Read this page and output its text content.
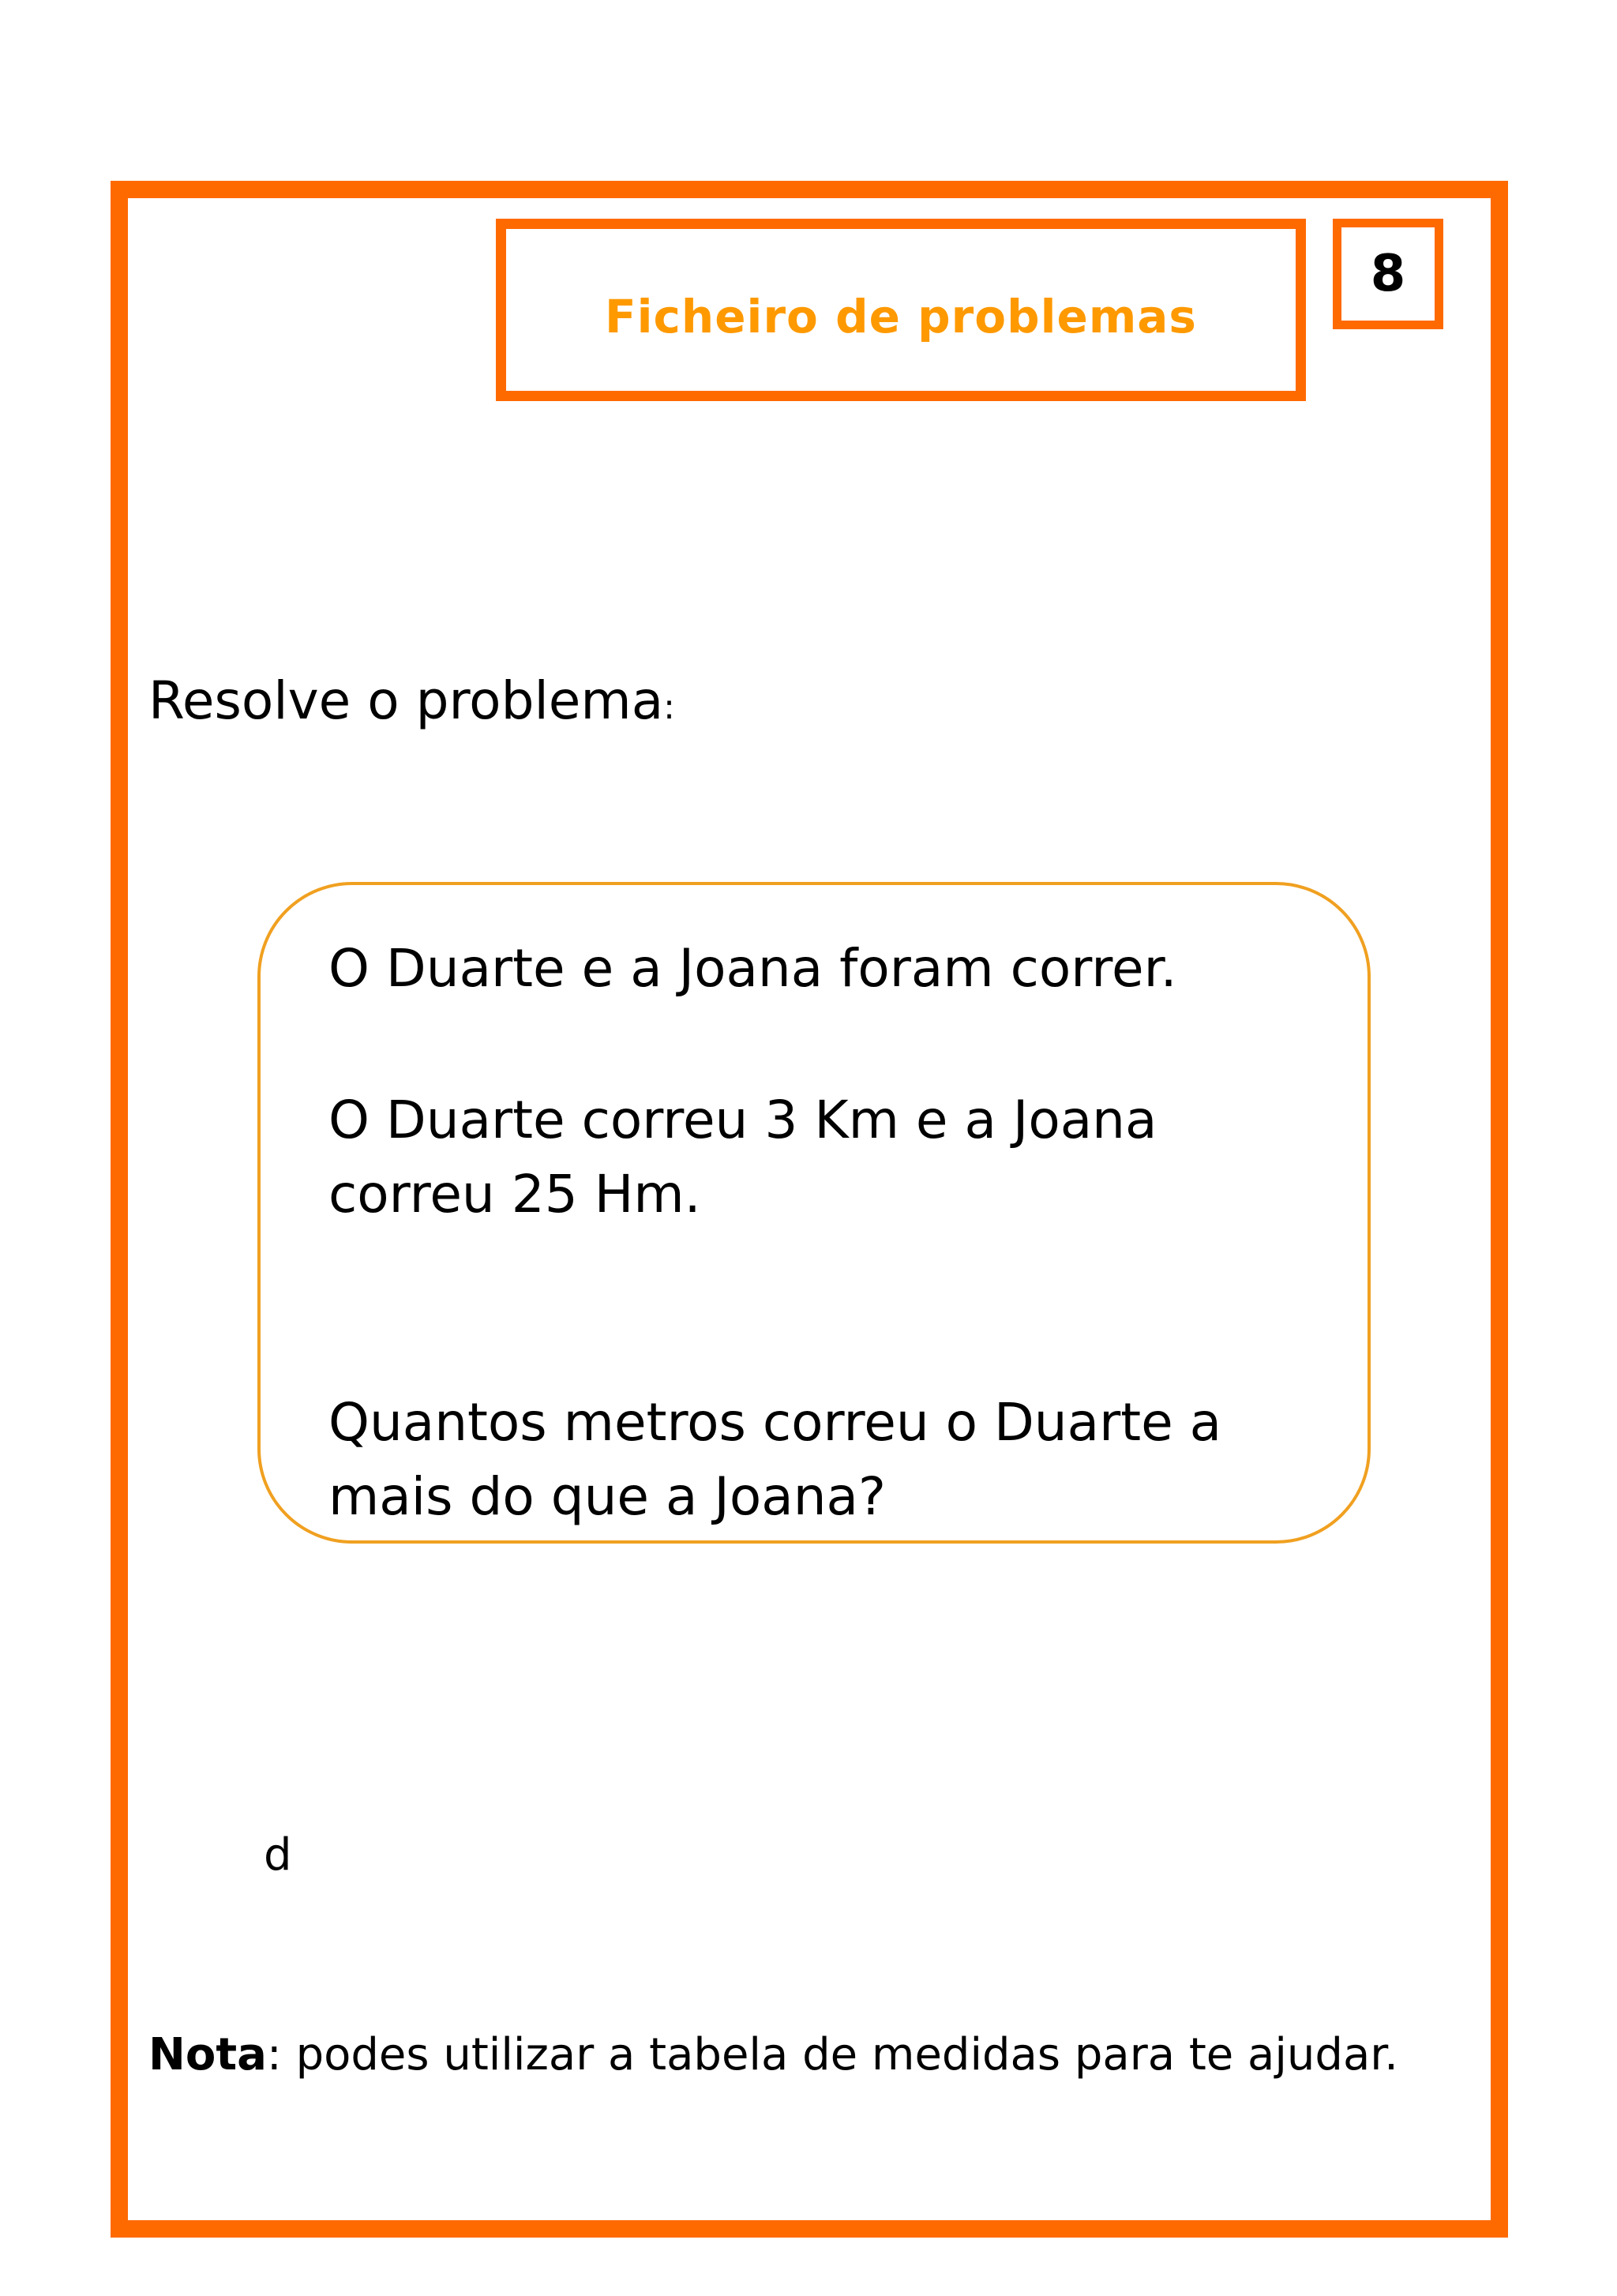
Ficheiro de problemas
8
Resolve o problema:
O Duarte e a Joana foram correr.
O Duarte correu 3 Km e a Joana
correu 25 Hm.
Quantos metros correu o Duarte a
mais do que a Joana?
d
Nota: podes utilizar a tabela de medidas para te ajudar.
